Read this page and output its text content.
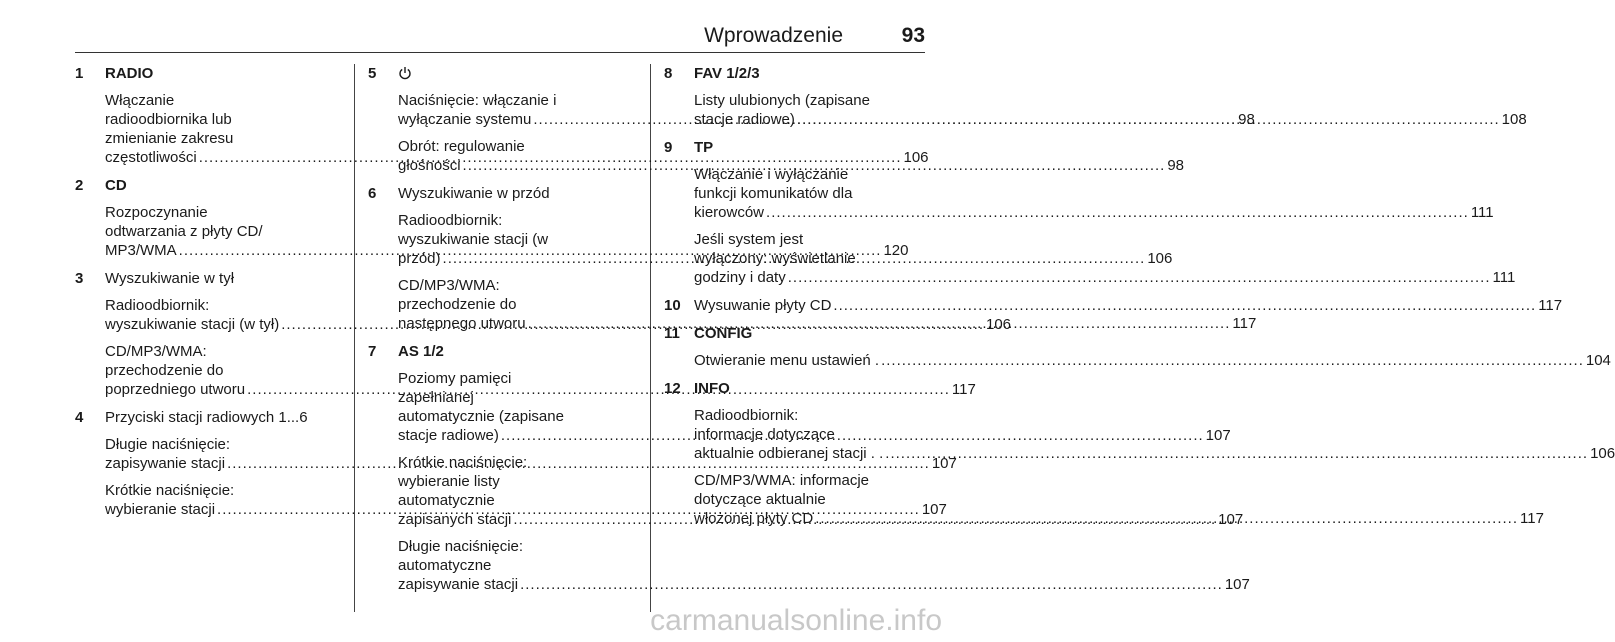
Wprowadzenie	93
1	RADIO
Włączanie
radioodbiornika lub
zmienianie zakresu
częstotliwości .....	106
2	CD
Rozpoczynanie
odtwarzania z płyty CD/
MP3/WMA .....	120
3	Wyszukiwanie w tył
Radioodbiornik:
wyszukiwanie stacji (w tył) .....	106
CD/MP3/WMA:
przechodzenie do
poprzedniego utworu .....	117
4	Przyciski stacji radiowych 1...6
Długie naciśnięcie:
zapisywanie stacji .....	107
Krótkie naciśnięcie:
wybieranie stacji .....	107
5
Naciśnięcie: włączanie i
wyłączanie systemu .....	98
Obrót: regulowanie
głośności .....	98
6	Wyszukiwanie w przód
Radioodbiornik:
wyszukiwanie stacji (w
przód) .....	106
CD/MP3/WMA:
przechodzenie do
następnego utworu .....	117
7	AS 1/2
Poziomy pamięci
zapełnianej
automatycznie (zapisane
stacje radiowe) .....	107
Krótkie naciśnięcie:
wybieranie listy
automatycznie
zapisanych stacji .....	107
Długie naciśnięcie:
automatyczne
zapisywanie stacji .....	107
8	FAV 1/2/3
Listy ulubionych (zapisane
stacje radiowe) .....	108
9	TP
Włączanie i wyłączanie
funkcji komunikatów dla
kierowców .....	111
Jeśli system jest
wyłączony: wyświetlanie
godziny i daty .....	111
10 Wysuwanie płyty CD .....	117
11 CONFIG
Otwieranie menu ustawień . .....	104
12 INFO
Radioodbiornik:
informacje dotyczące
aktualnie odbieranej stacji . . .....	106
CD/MP3/WMA: informacje
dotyczące aktualnie
włożonej płyty CD .....	117
carmanualsonline.info
